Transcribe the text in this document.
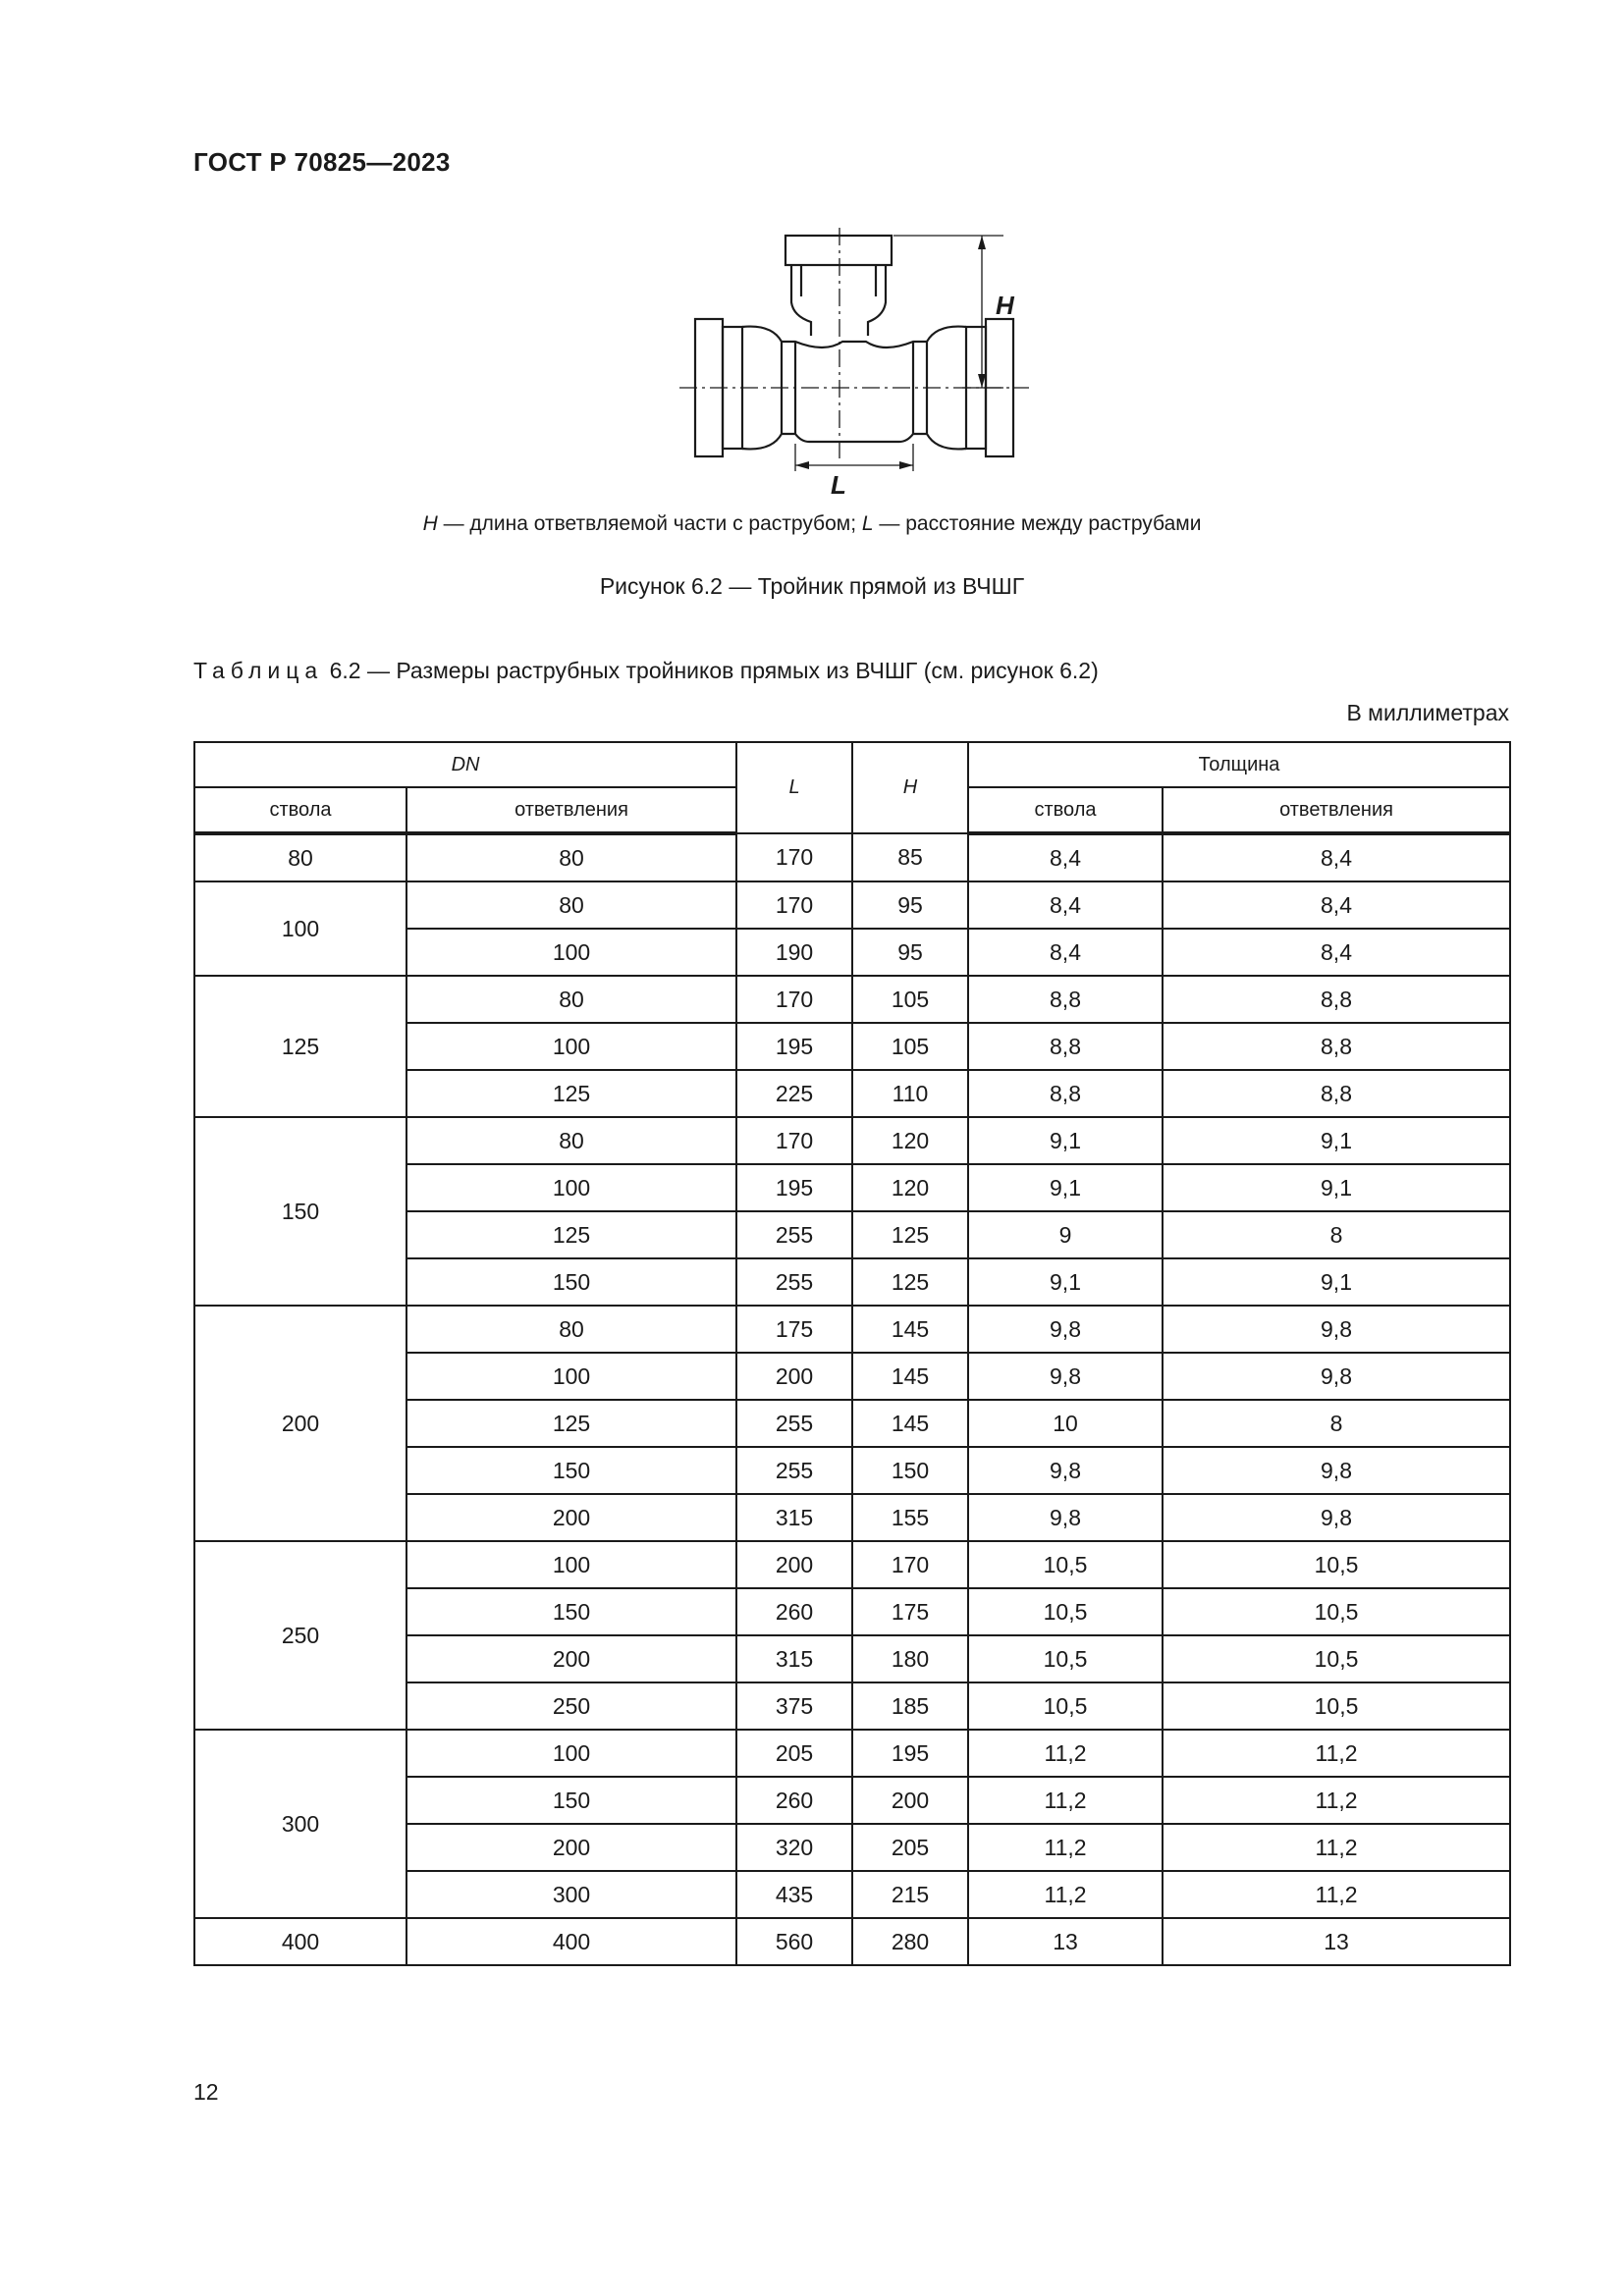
ГОСТ Р 70825—2023
H
L
H — длина ответвляемой части с раструбом; L — расстояние между раструбами
Рисунок 6.2 — Тройник прямой из ВЧШГ
Таблица 6.2 — Размеры раструбных тройников прямых из ВЧШГ (см. рисунок 6.2)
В миллиметрах
DN		L	H	Толщина	
ствола	ответвления			ствола	ответвления
80	80	170	85	8,4	8,4
100	80	170	95	8,4	8,4
	100	190	95	8,4	8,4
125	80	170	105	8,8	8,8
	100	195	105	8,8	8,8
	125	225	110	8,8	8,8
150	80	170	120	9,1	9,1
	100	195	120	9,1	9,1
	125	255	125	9	8
	150	255	125	9,1	9,1
200	80	175	145	9,8	9,8
	100	200	145	9,8	9,8
	125	255	145	10	8
	150	255	150	9,8	9,8
	200	315	155	9,8	9,8
250	100	200	170	10,5	10,5
	150	260	175	10,5	10,5
	200	315	180	10,5	10,5
	250	375	185	10,5	10,5
300	100	205	195	11,2	11,2
	150	260	200	11,2	11,2
	200	320	205	11,2	11,2
	300	435	215	11,2	11,2
400	400	560	280	13	13
12
